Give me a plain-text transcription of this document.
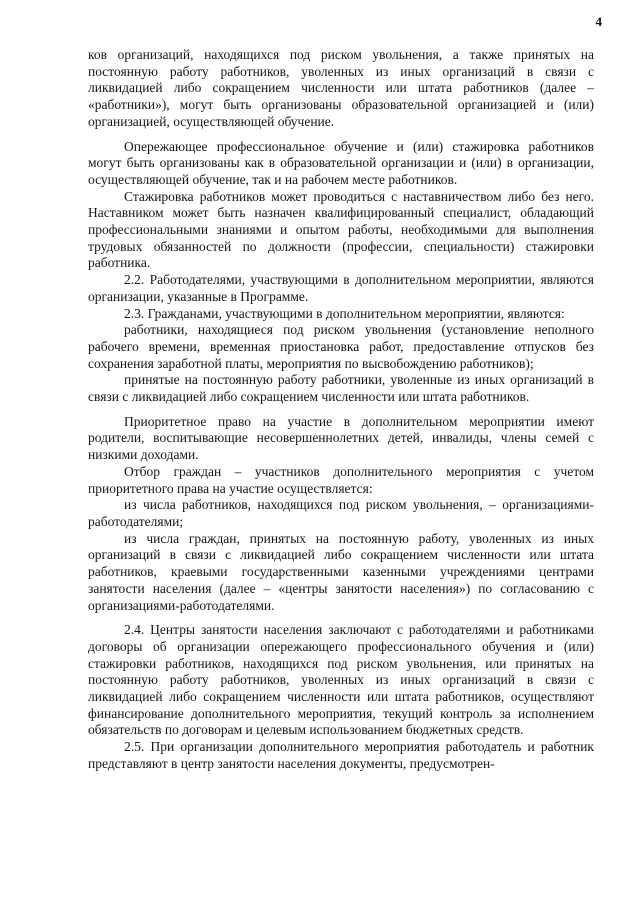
4

ков организаций, находящихся под риском увольнения, а также принятых на постоянную работу работников, уволенных из иных организаций в связи с ликвидацией либо сокращением численности или штата работников (далее – «работники»), могут быть организованы образовательной организацией и (или) организацией, осуществляющей обучение.

Опережающее профессиональное обучение и (или) стажировка работников могут быть организованы как в образовательной организации и (или) в организации, осуществляющей обучение, так и на рабочем месте работников.

Стажировка работников может проводиться с наставничеством либо без него. Наставником может быть назначен квалифицированный специалист, обладающий профессиональными знаниями и опытом работы, необходимыми для выполнения трудовых обязанностей по должности (профессии, специальности) стажировки работника.

2.2. Работодателями, участвующими в дополнительном мероприятии, являются организации, указанные в Программе.

2.3. Гражданами, участвующими в дополнительном мероприятии, являются:

работники, находящиеся под риском увольнения (установление неполного рабочего времени, временная приостановка работ, предоставление отпусков без сохранения заработной платы, мероприятия по высвобождению работников);

принятые на постоянную работу работники, уволенные из иных организаций в связи с ликвидацией либо сокращением численности или штата работников.

Приоритетное право на участие в дополнительном мероприятии имеют родители, воспитывающие несовершеннолетних детей, инвалиды, члены семей с низкими доходами.

Отбор граждан – участников дополнительного мероприятия с учетом приоритетного права на участие осуществляется:

из числа работников, находящихся под риском увольнения, – организациями-работодателями;

из числа граждан, принятых на постоянную работу, уволенных из иных организаций в связи с ликвидацией либо сокращением численности или штата работников, краевыми государственными казенными учреждениями центрами занятости населения (далее – «центры занятости населения») по согласованию с организациями-работодателями.

2.4. Центры занятости населения заключают с работодателями и работниками договоры об организации опережающего профессионального обучения и (или) стажировки работников, находящихся под риском увольнения, или принятых на постоянную работу работников, уволенных из иных организаций в связи с ликвидацией либо сокращением численности или штата работников, осуществляют финансирование дополнительного мероприятия, текущий контроль за исполнением обязательств по договорам и целевым использованием бюджетных средств.

2.5. При организации дополнительного мероприятия работодатель и работник представляют в центр занятости населения документы, предусмотрен-
